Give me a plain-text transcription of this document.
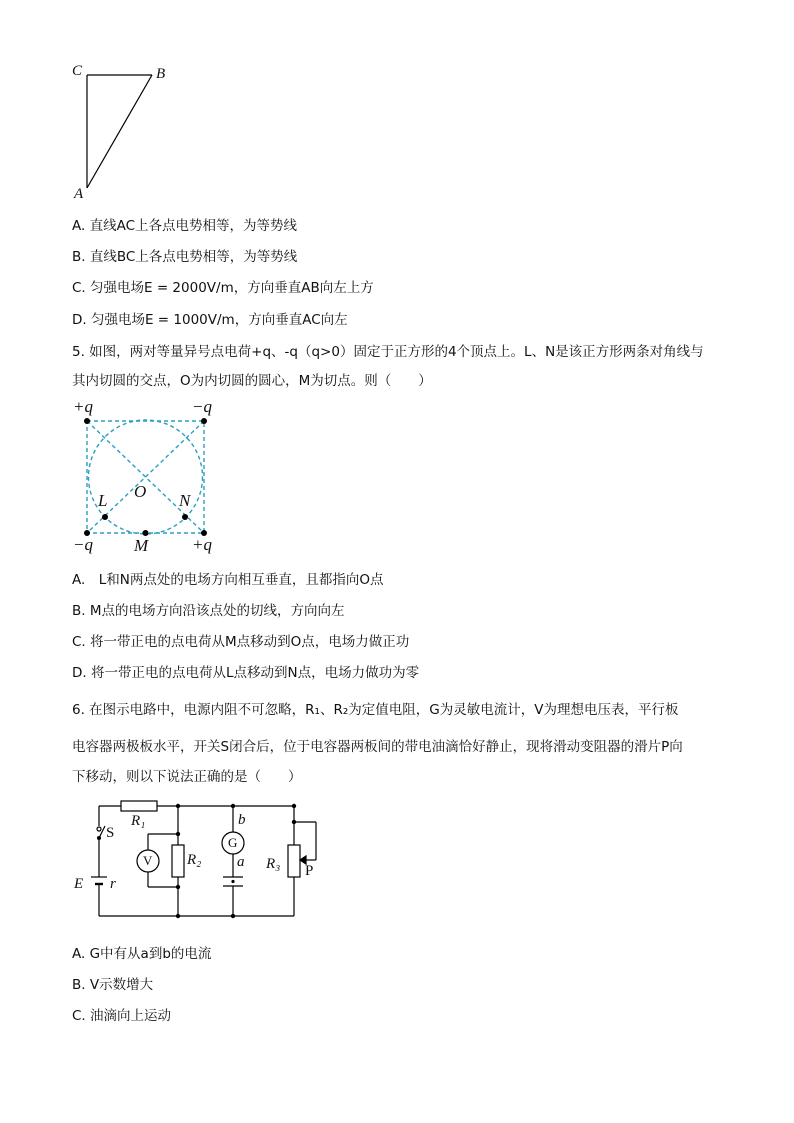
C	B
A
A. 直线AC上各点电势相等，为等势线
B. 直线BC上各点电势相等，为等势线
C. 匀强电场E = 2000V/m，方向垂直AB向左上方
D. 匀强电场E = 1000V/m，方向垂直AC向左
5. 如图，两对等量异号点电荷+q、-q（q>0）固定于正方形的4个顶点上。L、N是该正方形两条对角线与
其内切圆的交点，O为内切圆的圆心，M为切点。则（　　）
+q	−q
−q	+q
L O N
M
A.　L和N两点处的电场方向相互垂直，且都指向O点
B. M点的电场方向沿该点处的切线，方向向左
C. 将一带正电的点电荷从M点移动到O点，电场力做正功
D. 将一带正电的点电荷从L点移动到N点，电场力做功为零
6. 在图示电路中，电源内阻不可忽略，R₁、R₂为定值电阻，G为灵敏电流计，V为理想电压表，平行板
电容器两极板水平，开关S闭合后，位于电容器两板间的带电油滴恰好静止，现将滑动变阻器的滑片P向
下移动，则以下说法正确的是（　　）
R₁
S
E r
V R₂
G
b
a R₃ P
A. G中有从a到b的电流
B. V示数增大
C. 油滴向上运动
